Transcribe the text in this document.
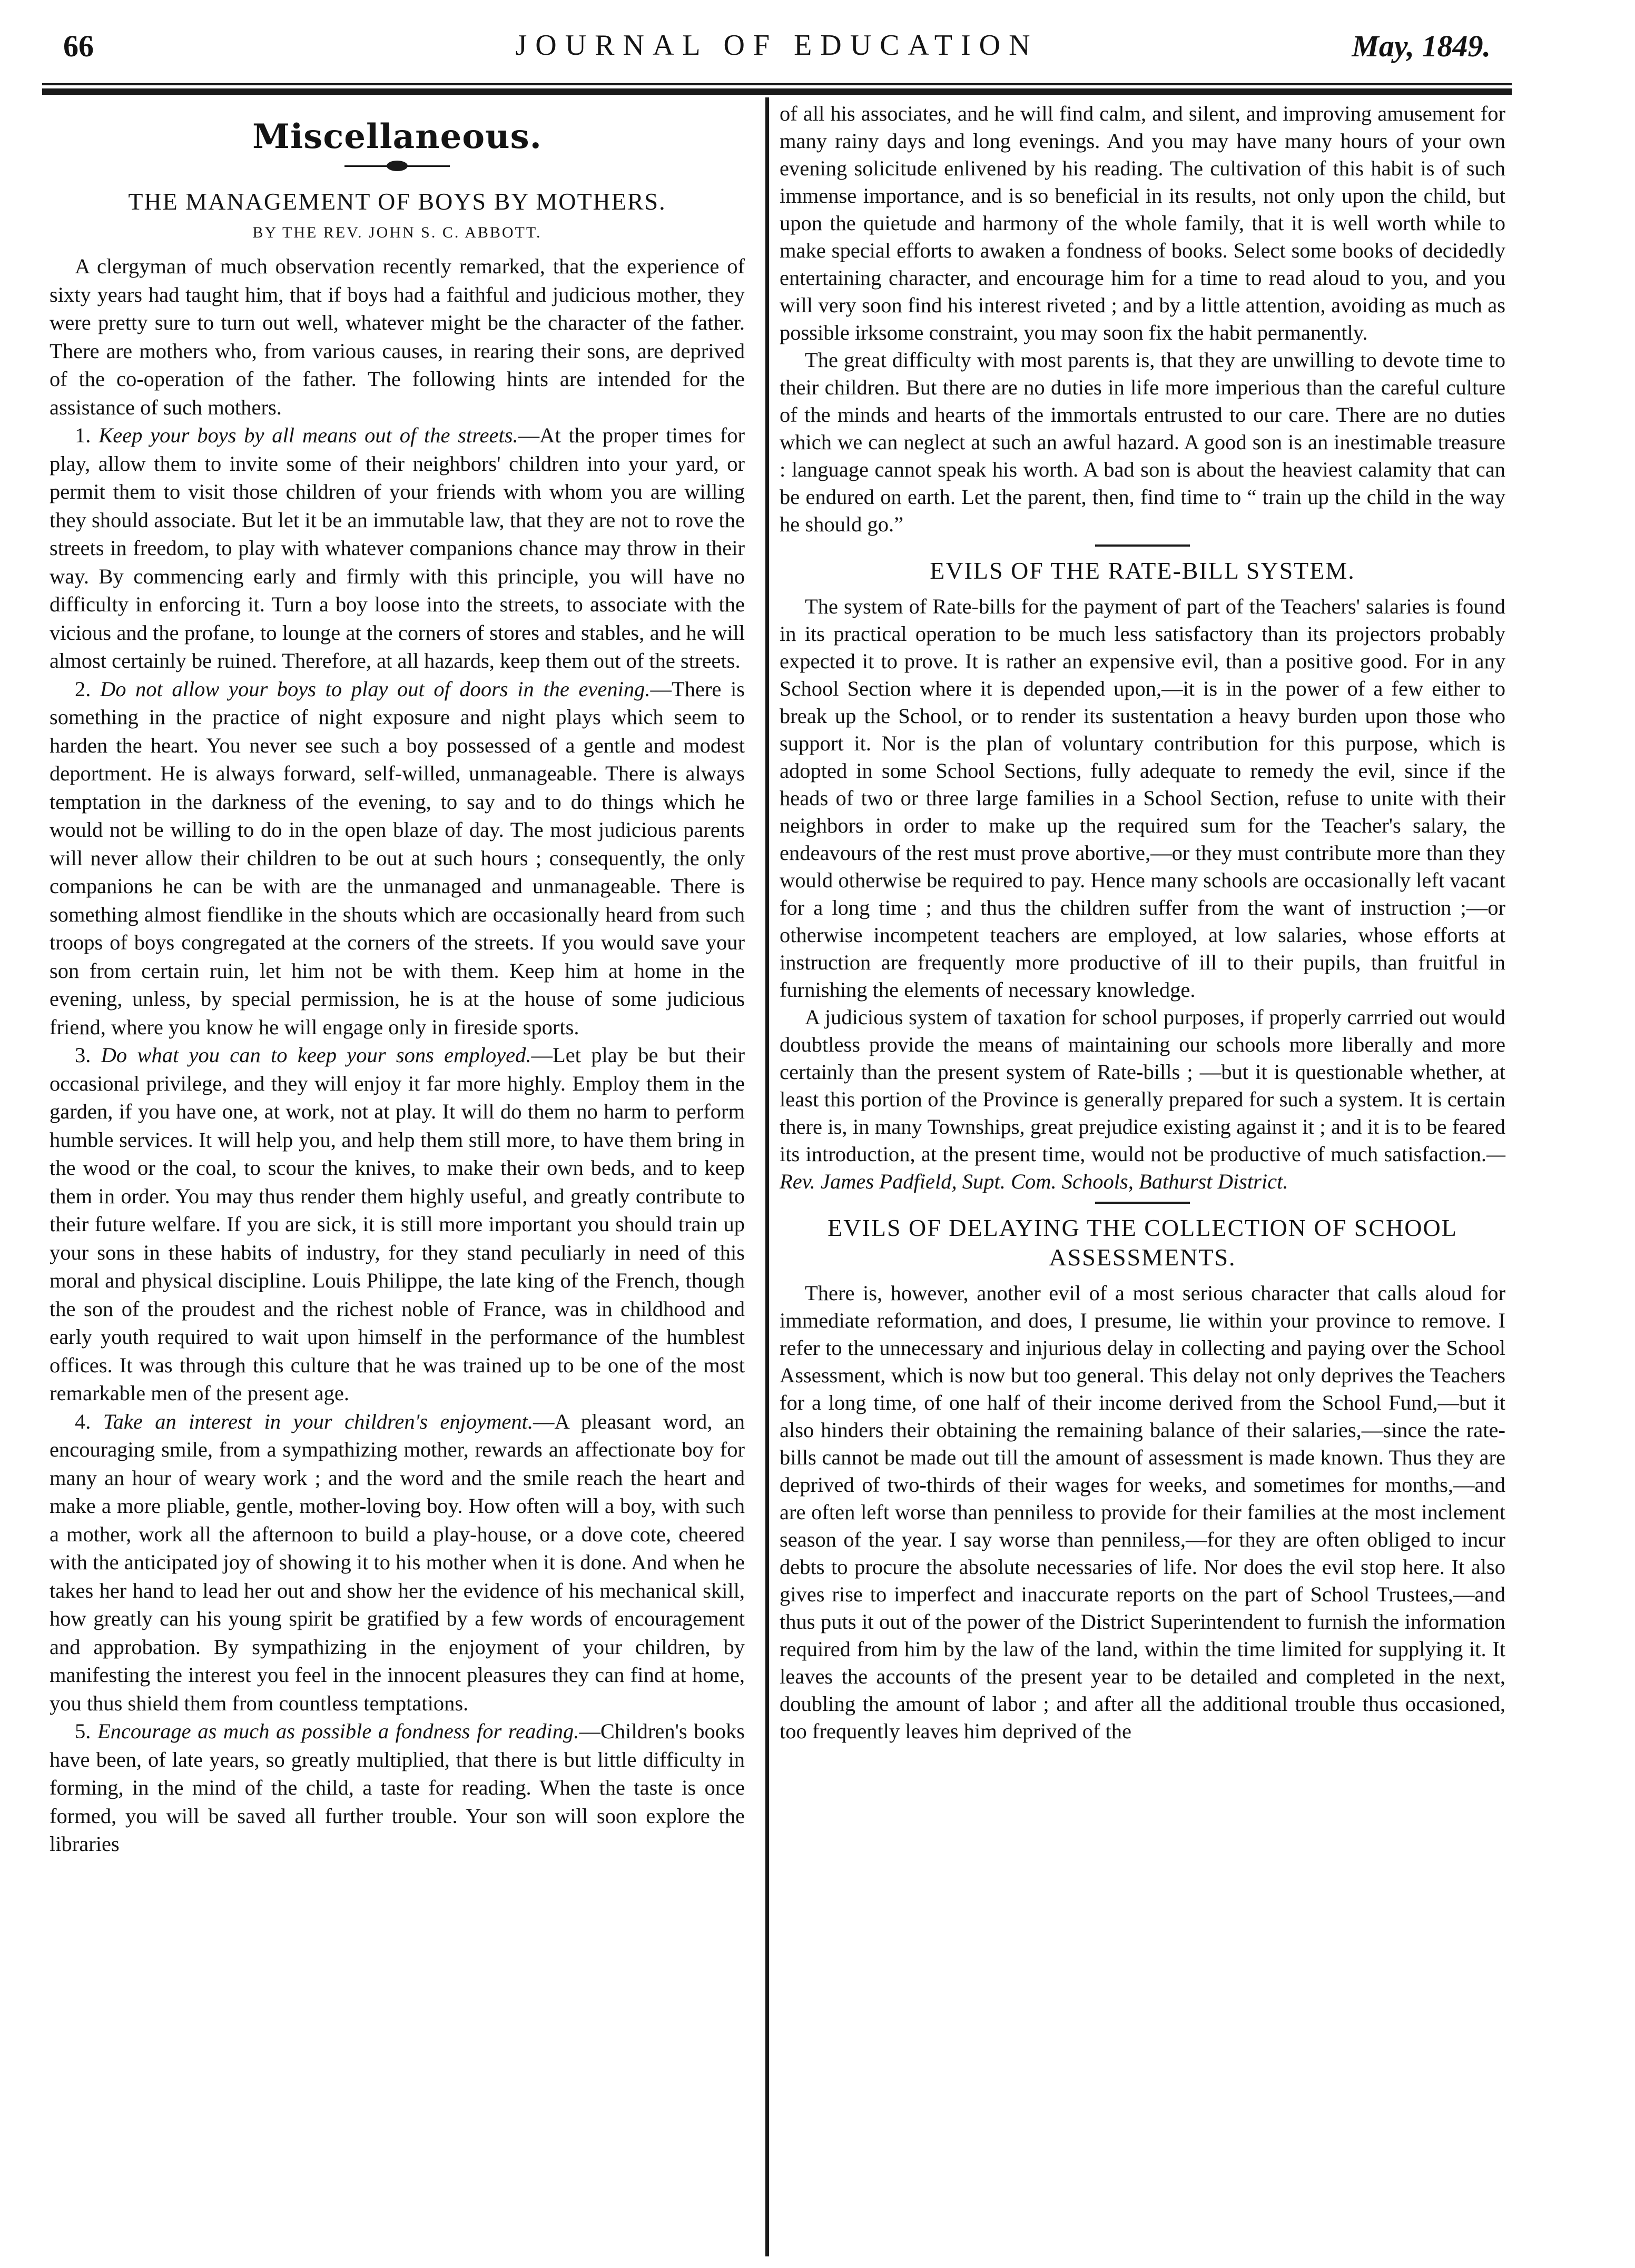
66	JOURNAL OF EDUCATION	May, 1849.
Miscellaneous.
THE MANAGEMENT OF BOYS BY MOTHERS.
BY THE REV. JOHN S. C. ABBOTT.

A clergyman of much observation recently remarked, that the experience of sixty years had taught him, that if boys had a faithful and judicious mother, they were pretty sure to turn out well, whatever might be the character of the father. There are mothers who, from various causes, in rearing their sons, are deprived of the co-operation of the father. The following hints are intended for the assistance of such mothers.

1. Keep your boys by all means out of the streets.—At the proper times for play, allow them to invite some of their neighbors' children into your yard, or permit them to visit those children of your friends with whom you are willing they should associate. But let it be an immutable law, that they are not to rove the streets in freedom, to play with whatever companions chance may throw in their way. By commencing early and firmly with this principle, you will have no difficulty in enforcing it. Turn a boy loose into the streets, to associate with the vicious and the profane, to lounge at the corners of stores and stables, and he will almost certainly be ruined. Therefore, at all hazards, keep them out of the streets.

2. Do not allow your boys to play out of doors in the evening.—There is something in the practice of night exposure and night plays which seem to harden the heart. You never see such a boy possessed of a gentle and modest deportment. He is always forward, self-willed, unmanageable. There is always temptation in the darkness of the evening, to say and to do things which he would not be willing to do in the open blaze of day. The most judicious parents will never allow their children to be out at such hours ; consequently, the only companions he can be with are the unmanaged and unmanageable. There is something almost fiendlike in the shouts which are occasionally heard from such troops of boys congregated at the corners of the streets. If you would save your son from certain ruin, let him not be with them. Keep him at home in the evening, unless, by special permission, he is at the house of some judicious friend, where you know he will engage only in fireside sports.

3. Do what you can to keep your sons employed.—Let play be but their occasional privilege, and they will enjoy it far more highly. Employ them in the garden, if you have one, at work, not at play. It will do them no harm to perform humble services. It will help you, and help them still more, to have them bring in the wood or the coal, to scour the knives, to make their own beds, and to keep them in order. You may thus render them highly useful, and greatly contribute to their future welfare. If you are sick, it is still more important you should train up your sons in these habits of industry, for they stand peculiarly in need of this moral and physical discipline. Louis Philippe, the late king of the French, though the son of the proudest and the richest noble of France, was in childhood and early youth required to wait upon himself in the performance of the humblest offices. It was through this culture that he was trained up to be one of the most remarkable men of the present age.

4. Take an interest in your children's enjoyment.—A pleasant word, an encouraging smile, from a sympathizing mother, rewards an affectionate boy for many an hour of weary work ; and the word and the smile reach the heart and make a more pliable, gentle, mother-loving boy. How often will a boy, with such a mother, work all the afternoon to build a play-house, or a dove cote, cheered with the anticipated joy of showing it to his mother when it is done. And when he takes her hand to lead her out and show her the evidence of his mechanical skill, how greatly can his young spirit be gratified by a few words of encouragement and approbation. By sympathizing in the enjoyment of your children, by manifesting the interest you feel in the innocent pleasures they can find at home, you thus shield them from countless temptations.

5. Encourage as much as possible a fondness for reading.—Children's books have been, of late years, so greatly multiplied, that there is but little difficulty in forming, in the mind of the child, a taste for reading. When the taste is once formed, you will be saved all further trouble. Your son will soon explore the libraries

of all his associates, and he will find calm, and silent, and improving amusement for many rainy days and long evenings. And you may have many hours of your own evening solicitude enlivened by his reading. The cultivation of this habit is of such immense importance, and is so beneficial in its results, not only upon the child, but upon the quietude and harmony of the whole family, that it is well worth while to make special efforts to awaken a fondness of books. Select some books of decidedly entertaining character, and encourage him for a time to read aloud to you, and you will very soon find his interest riveted ; and by a little attention, avoiding as much as possible irksome constraint, you may soon fix the habit permanently.

The great difficulty with most parents is, that they are unwilling to devote time to their children. But there are no duties in life more imperious than the careful culture of the minds and hearts of the immortals entrusted to our care. There are no duties which we can neglect at such an awful hazard. A good son is an inestimable treasure : language cannot speak his worth. A bad son is about the heaviest calamity that can be endured on earth. Let the parent, then, find time to “ train up the child in the way he should go.”

EVILS OF THE RATE-BILL SYSTEM.

The system of Rate-bills for the payment of part of the Teachers' salaries is found in its practical operation to be much less satisfactory than its projectors probably expected it to prove. It is rather an expensive evil, than a positive good. For in any School Section where it is depended upon,—it is in the power of a few either to break up the School, or to render its sustentation a heavy burden upon those who support it. Nor is the plan of voluntary contribution for this purpose, which is adopted in some School Sections, fully adequate to remedy the evil, since if the heads of two or three large families in a School Section, refuse to unite with their neighbors in order to make up the required sum for the Teacher's salary, the endeavours of the rest must prove abortive,—or they must contribute more than they would otherwise be required to pay. Hence many schools are occasionally left vacant for a long time ; and thus the children suffer from the want of instruction ;—or otherwise incompetent teachers are employed, at low salaries, whose efforts at instruction are frequently more productive of ill to their pupils, than fruitful in furnishing the elements of necessary knowledge.

A judicious system of taxation for school purposes, if properly carrried out would doubtless provide the means of maintaining our schools more liberally and more certainly than the present system of Rate-bills ; —but it is questionable whether, at least this portion of the Province is generally prepared for such a system. It is certain there is, in many Townships, great prejudice existing against it ; and it is to be feared its introduction, at the present time, would not be productive of much satisfaction.—Rev. James Padfield, Supt. Com. Schools, Bathurst District.

EVILS OF DELAYING THE COLLECTION OF SCHOOL ASSESSMENTS.

There is, however, another evil of a most serious character that calls aloud for immediate reformation, and does, I presume, lie within your province to remove. I refer to the unnecessary and injurious delay in collecting and paying over the School Assessment, which is now but too general. This delay not only deprives the Teachers for a long time, of one half of their income derived from the School Fund,—but it also hinders their obtaining the remaining balance of their salaries,—since the rate-bills cannot be made out till the amount of assessment is made known. Thus they are deprived of two-thirds of their wages for weeks, and sometimes for months,—and are often left worse than penniless to provide for their families at the most inclement season of the year. I say worse than penniless,—for they are often obliged to incur debts to procure the absolute necessaries of life. Nor does the evil stop here. It also gives rise to imperfect and inaccurate reports on the part of School Trustees,—and thus puts it out of the power of the District Superintendent to furnish the information required from him by the law of the land, within the time limited for supplying it. It leaves the accounts of the present year to be detailed and completed in the next, doubling the amount of labor ; and after all the additional trouble thus occasioned, too frequently leaves him deprived of the
